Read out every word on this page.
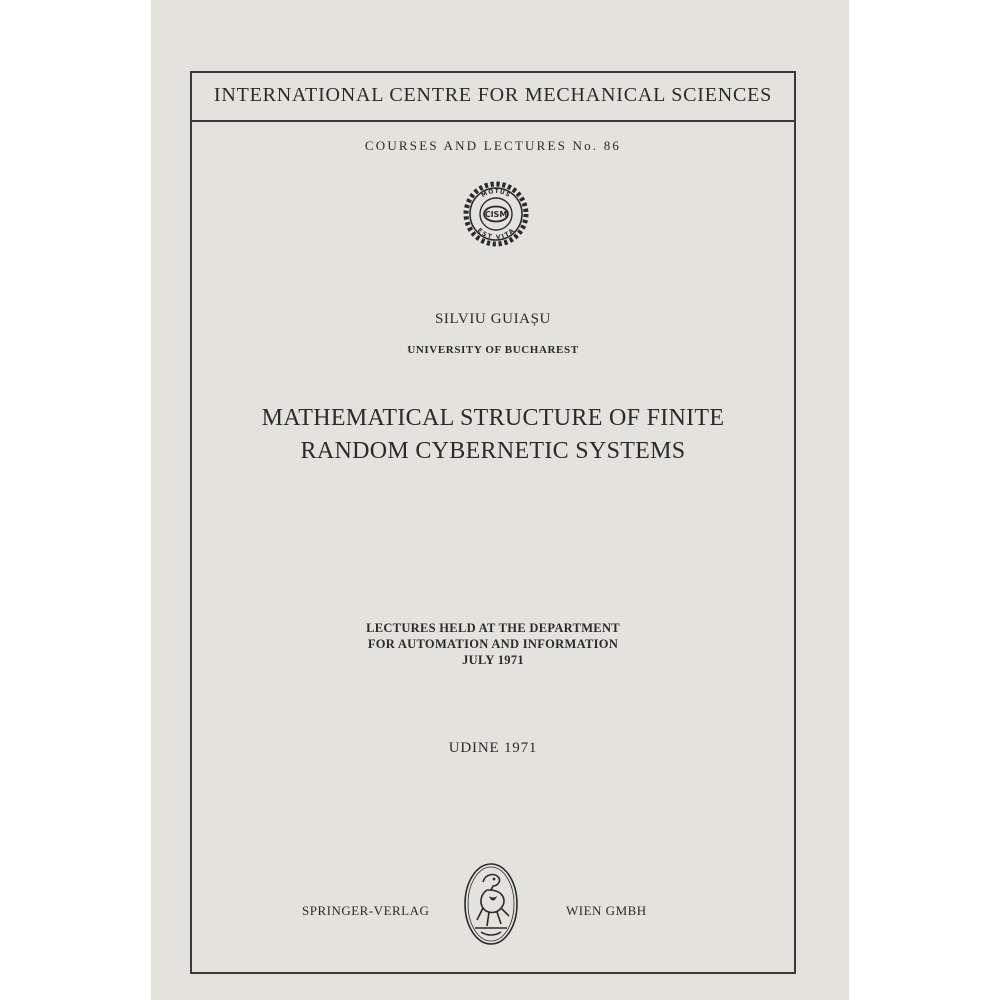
INTERNATIONAL CENTRE FOR MECHANICAL SCIENCES
COURSES AND LECTURES No. 86
MOTUS
EST VITA
CISM
SILVIU GUIAȘU
UNIVERSITY OF BUCHAREST
MATHEMATICAL STRUCTURE OF FINITE
RANDOM CYBERNETIC SYSTEMS
LECTURES HELD AT THE DEPARTMENT
FOR AUTOMATION AND INFORMATION
JULY 1971
UDINE 1971
SPRINGER-VERLAG	WIEN GMBH
